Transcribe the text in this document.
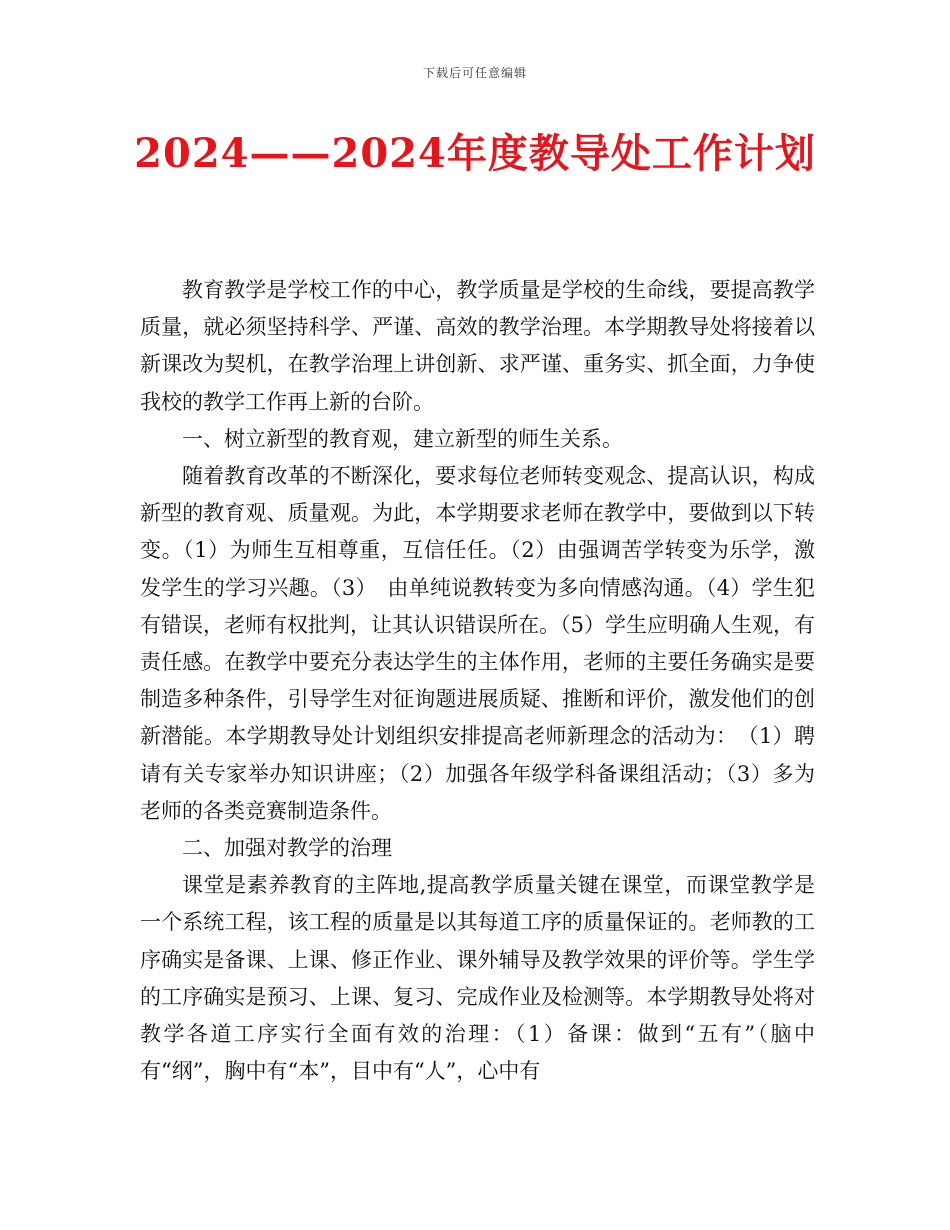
下载后可任意编辑
2024——2024年度教导处工作计划

教育教学是学校工作的中心，教学质量是学校的生命线，要提高教学质量，就必须坚持科学、严谨、高效的教学治理。本学期教导处将接着以新课改为契机，在教学治理上讲创新、求严谨、重务实、抓全面，力争使我校的教学工作再上新的台阶。

一、树立新型的教育观，建立新型的师生关系。

随着教育改革的不断深化，要求每位老师转变观念、提高认识，构成新型的教育观、质量观。为此，本学期要求老师在教学中，要做到以下转变。（1）为师生互相尊重，互信任任。（2）由强调苦学转变为乐学，激发学生的学习兴趣。（3）　由单纯说教转变为多向情感沟通。（4）学生犯有错误，老师有权批判，让其认识错误所在。（5）学生应明确人生观，有责任感。在教学中要充分表达学生的主体作用，老师的主要任务确实是要制造多种条件，引导学生对征询题进展质疑、推断和评价，激发他们的创新潜能。本学期教导处计划组织安排提高老师新理念的活动为：　（1）聘请有关专家举办知识讲座；（2）加强各年级学科备课组活动；（3）多为老师的各类竞赛制造条件。

二、加强对教学的治理

课堂是素养教育的主阵地,提高教学质量关键在课堂，而课堂教学是一个系统工程，该工程的质量是以其每道工序的质量保证的。老师教的工序确实是备课、上课、修正作业、课外辅导及教学效果的评价等。学生学的工序确实是预习、上课、复习、完成作业及检测等。本学期教导处将对教学各道工序实行全面有效的治理：（1）备课：做到“五有”（脑中有“纲”，胸中有“本”，目中有“人”，心中有
